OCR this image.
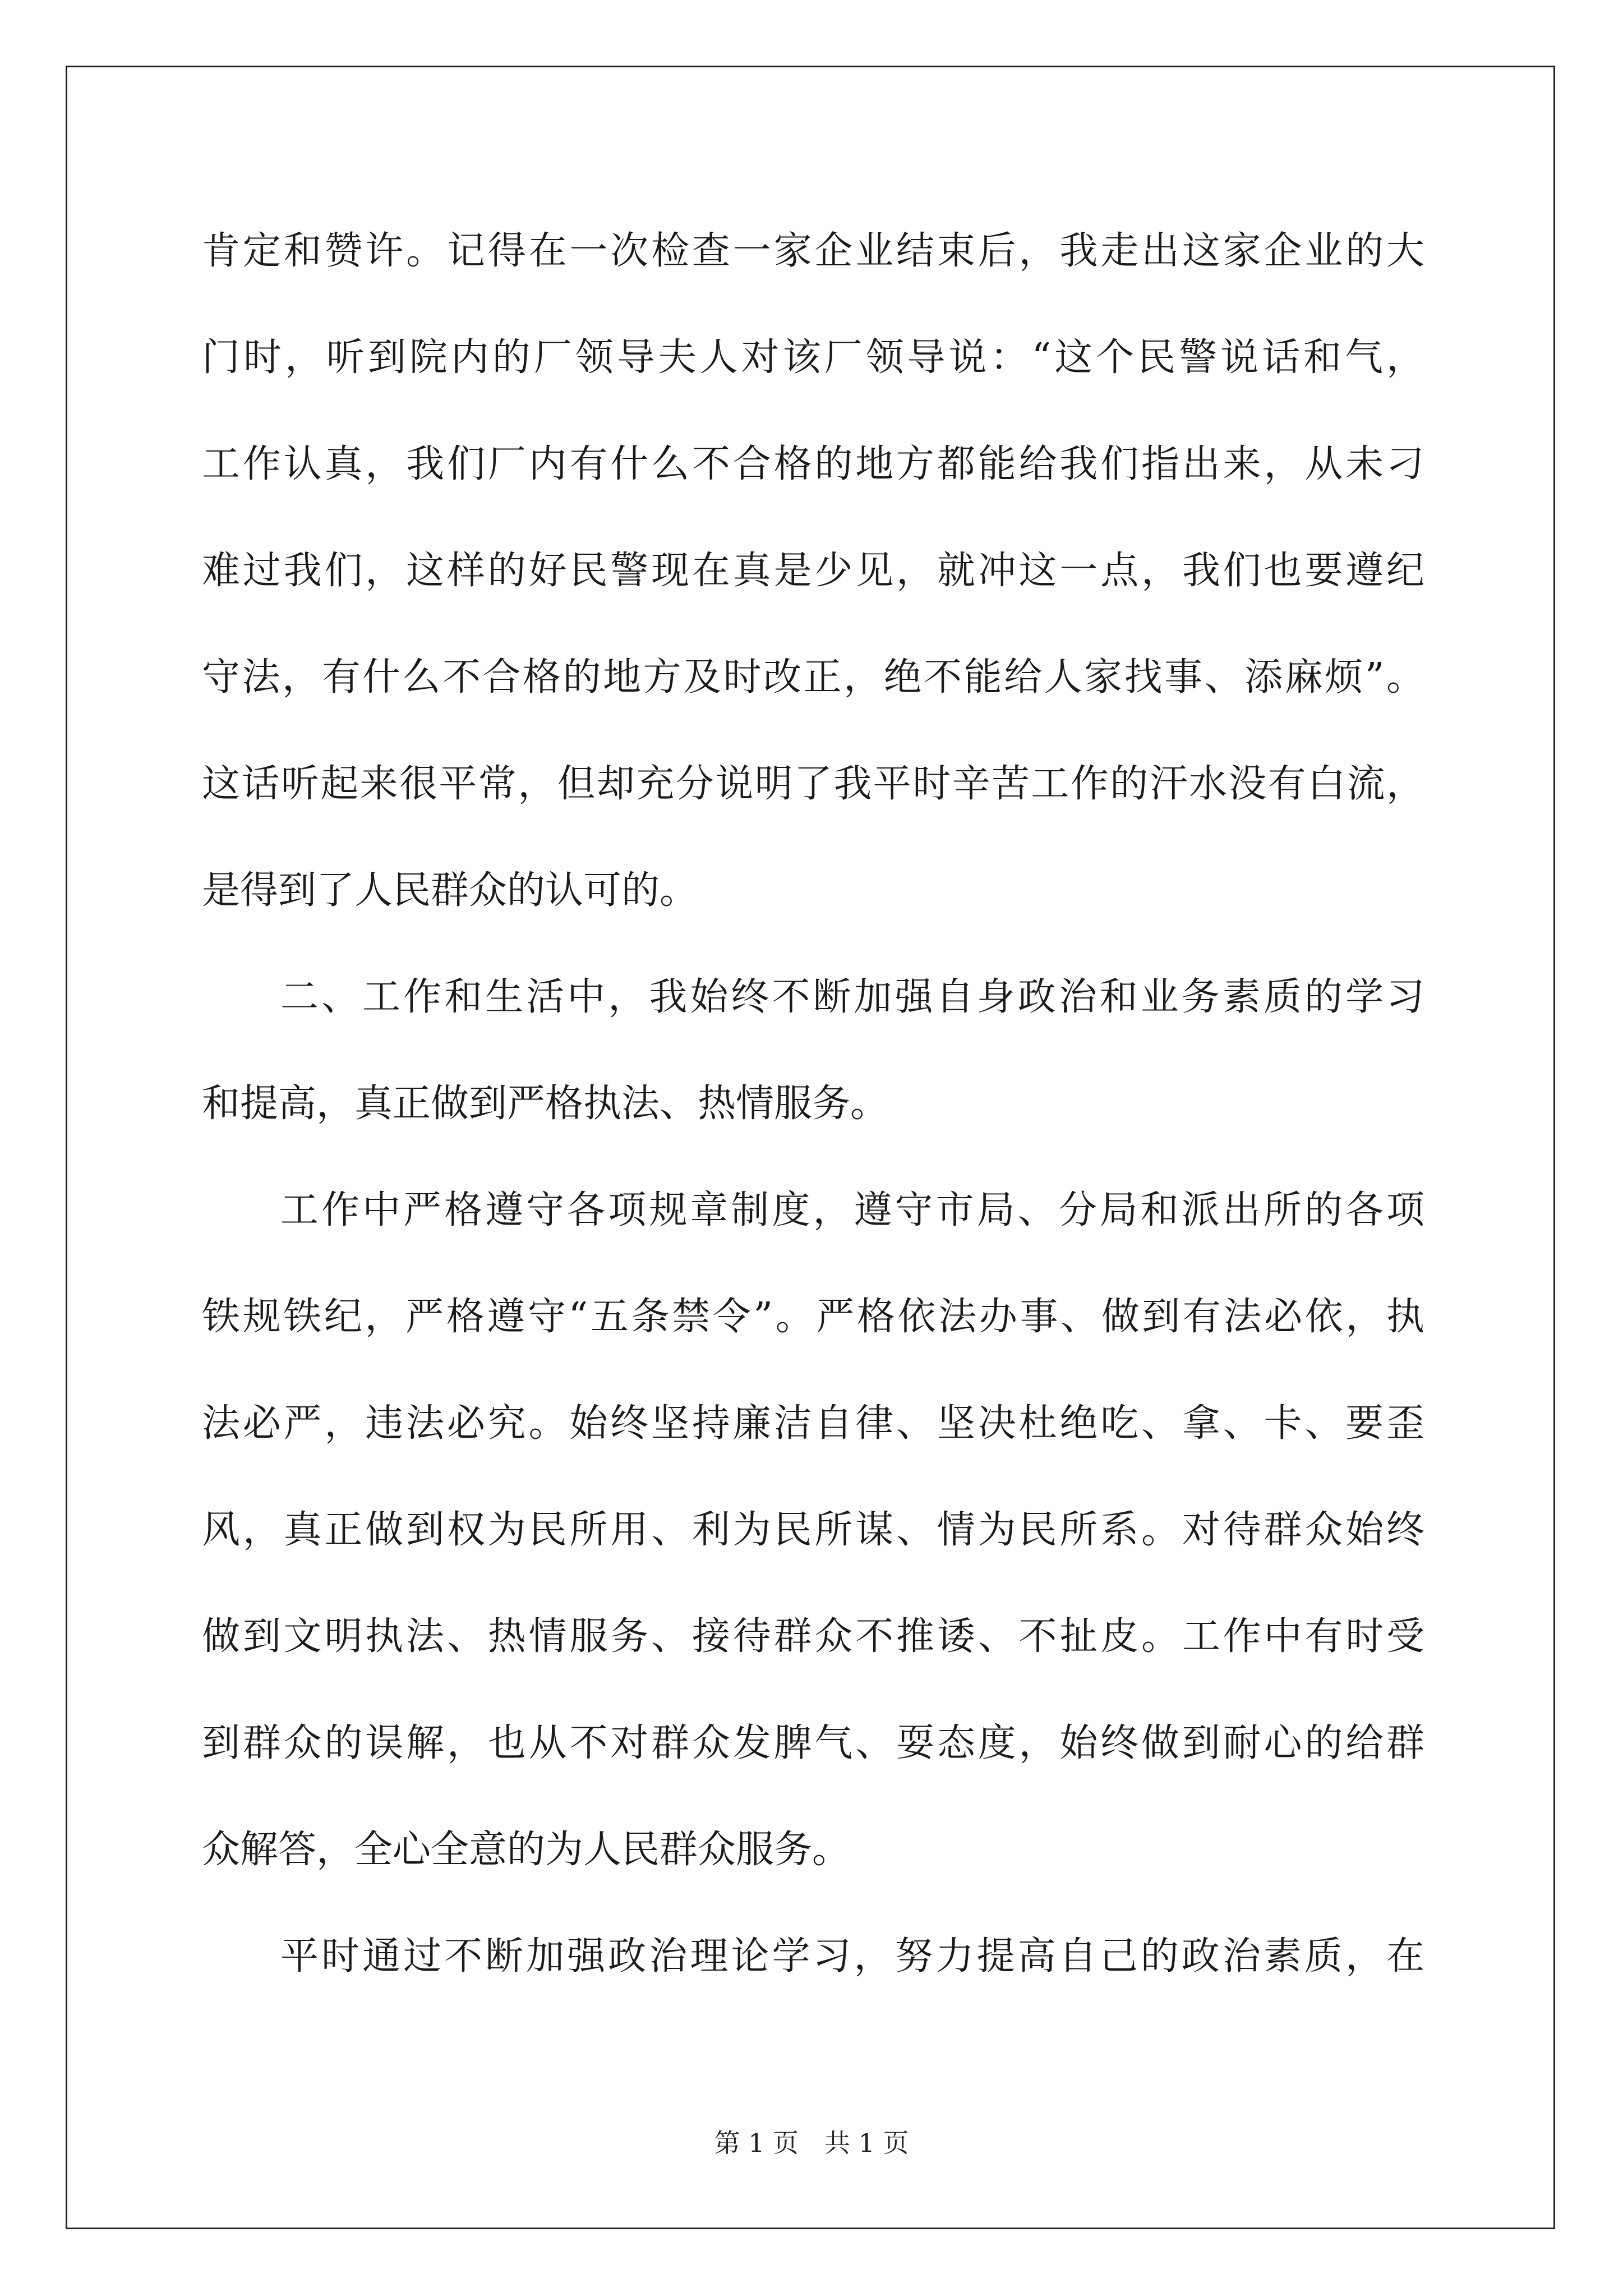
肯定和赞许。记得在一次检查一家企业结束后，我走出这家企业的大
门时，听到院内的厂领导夫人对该厂领导说：“这个民警说话和气，
工作认真，我们厂内有什么不合格的地方都能给我们指出来，从未刁
难过我们，这样的好民警现在真是少见，就冲这一点，我们也要遵纪
守法，有什么不合格的地方及时改正，绝不能给人家找事、添麻烦”。
这话听起来很平常，但却充分说明了我平时辛苦工作的汗水没有白流，
是得到了人民群众的认可的。
二、工作和生活中，我始终不断加强自身政治和业务素质的学习
和提高，真正做到严格执法、热情服务。
工作中严格遵守各项规章制度，遵守市局、分局和派出所的各项
铁规铁纪，严格遵守“五条禁令”。严格依法办事、做到有法必依，执
法必严，违法必究。始终坚持廉洁自律、坚决杜绝吃、拿、卡、要歪
风，真正做到权为民所用、利为民所谋、情为民所系。对待群众始终
做到文明执法、热情服务、接待群众不推诿、不扯皮。工作中有时受
到群众的误解，也从不对群众发脾气、耍态度，始终做到耐心的给群
众解答，全心全意的为人民群众服务。
平时通过不断加强政治理论学习，努力提高自己的政治素质，在
第 1 页　共 1 页
